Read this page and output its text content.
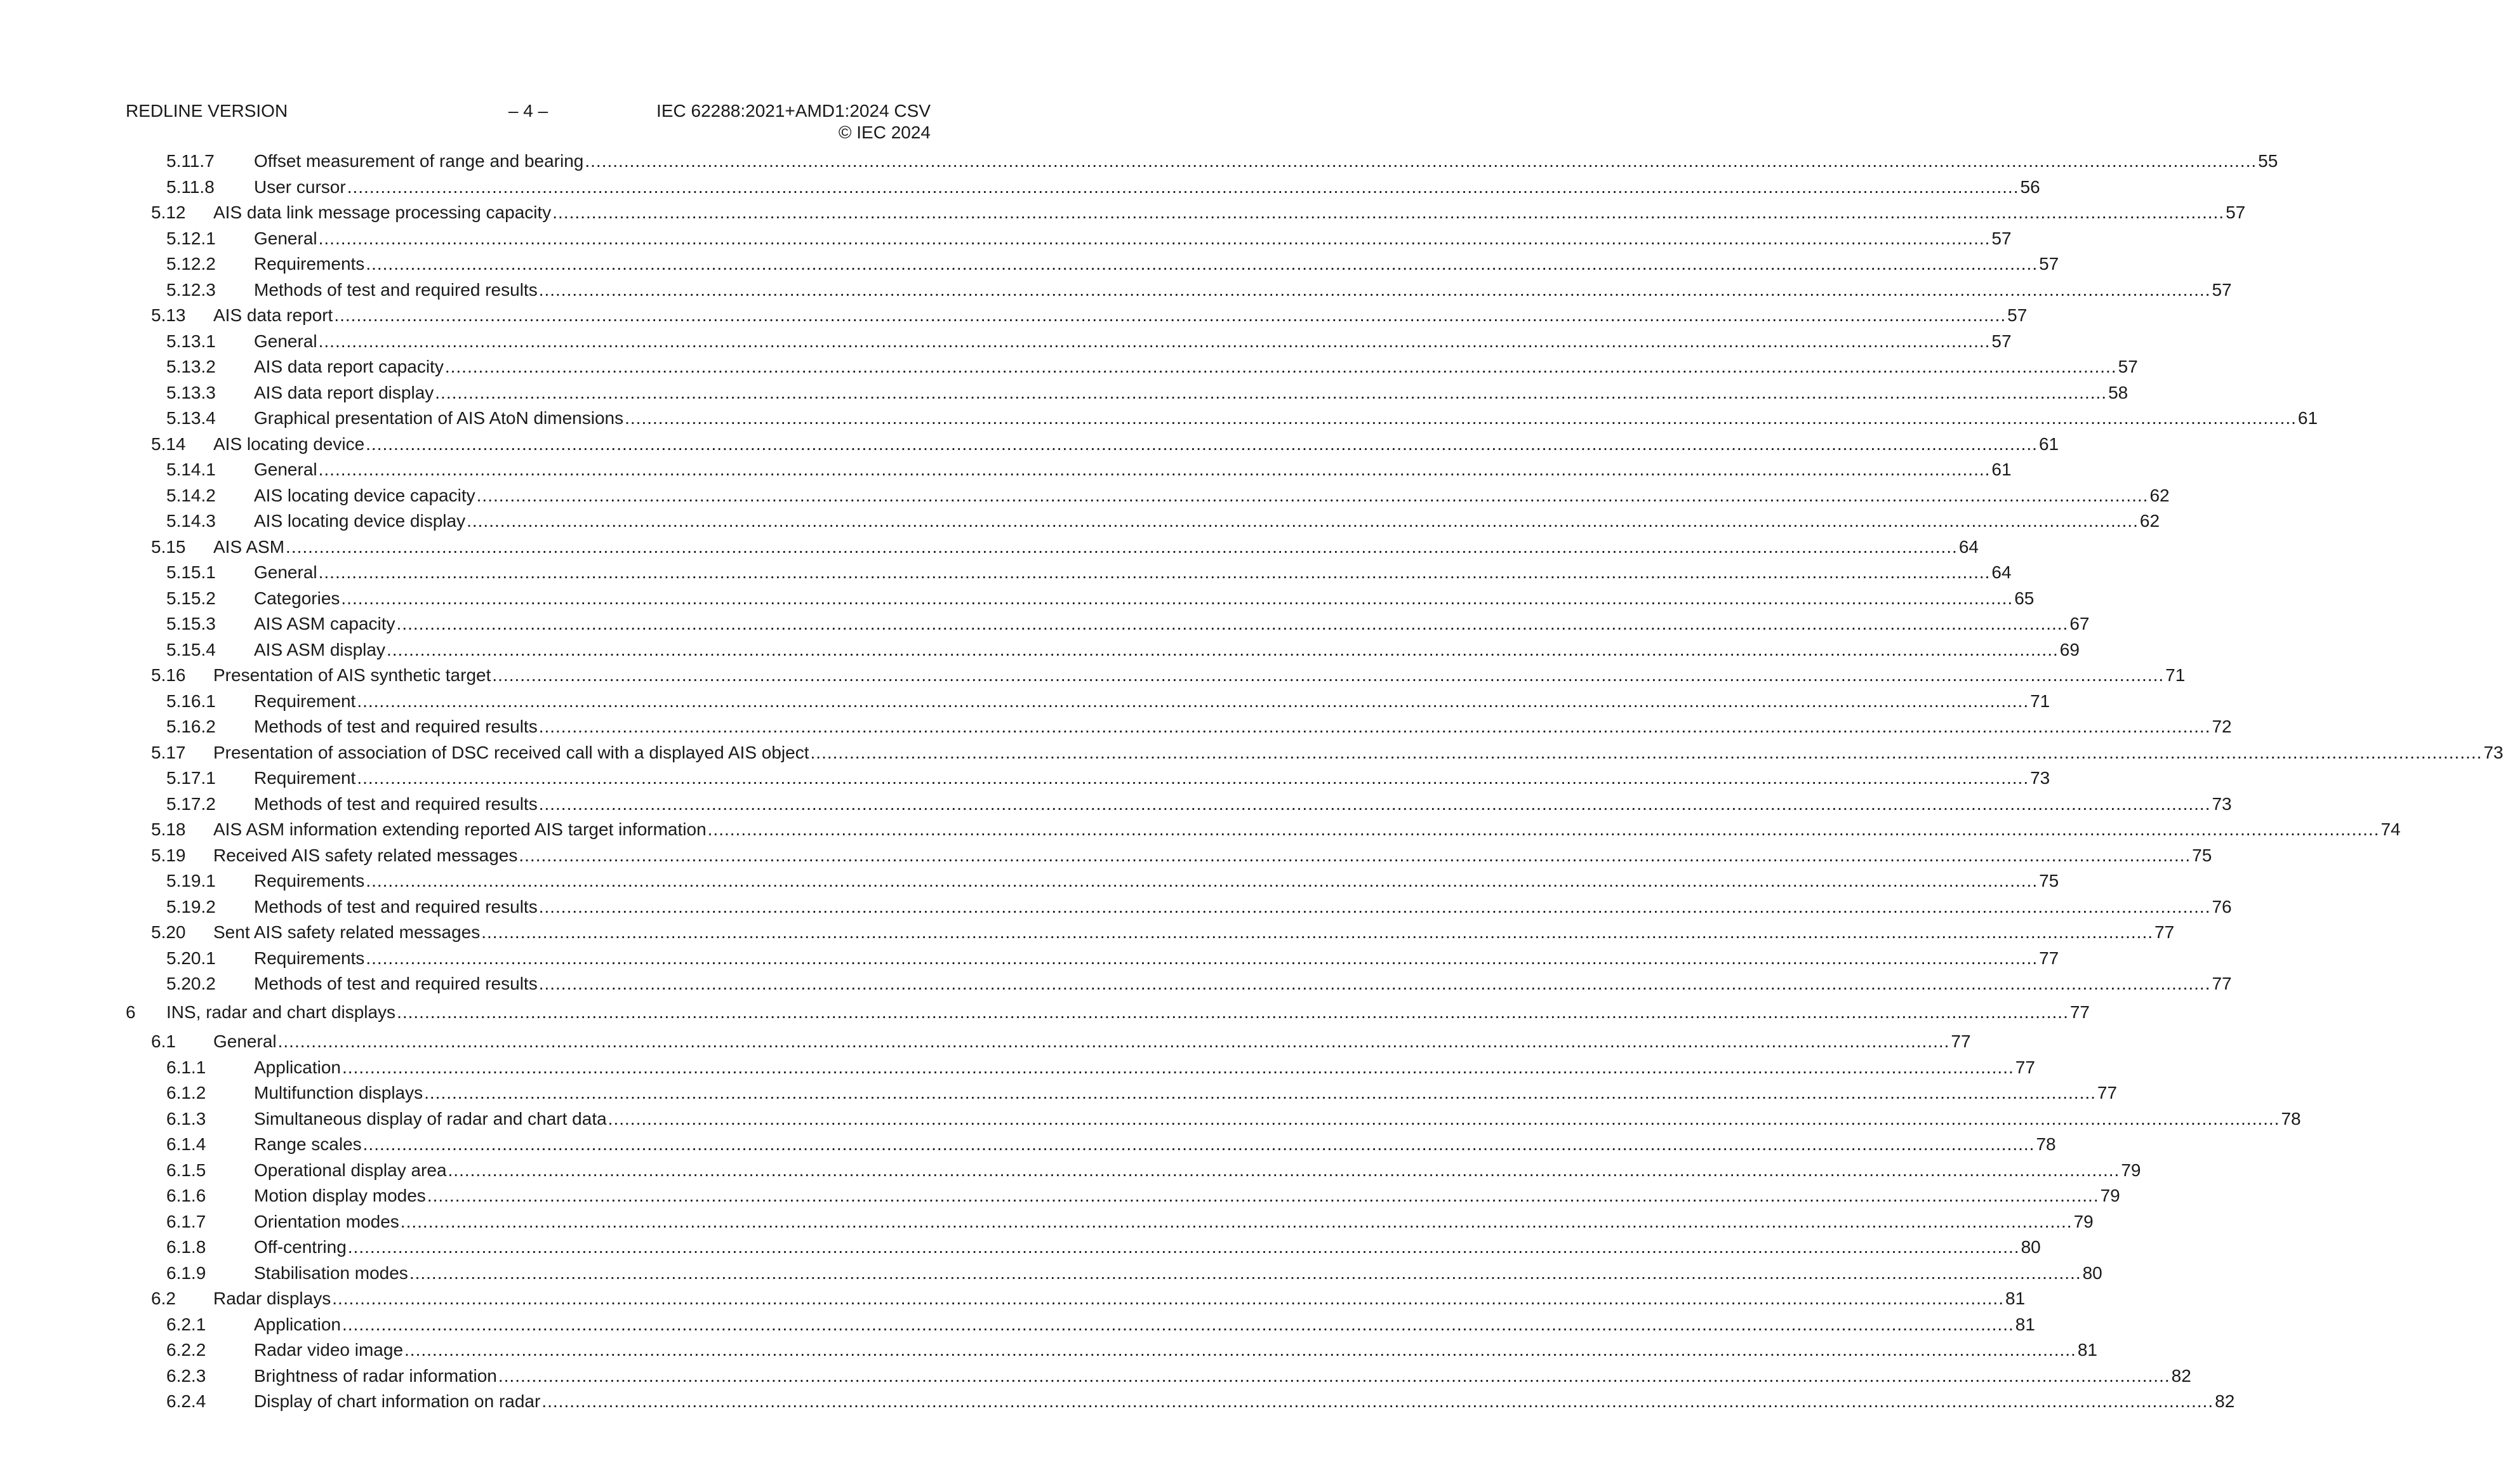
REDLINE VERSION	– 4 –	IEC 62288:2021+AMD1:2024 CSV
© IEC 2024
5.11.7 Offset measurement of range and bearing ............................................................................................................................................................................................................................................................................................................ 55
5.11.8 User cursor ............................................................................................................................................................................................................................................................................................................ 56
5.12 AIS data link message processing capacity ............................................................................................................................................................................................................................................................................................................ 57
5.12.1 General ............................................................................................................................................................................................................................................................................................................ 57
5.12.2 Requirements ............................................................................................................................................................................................................................................................................................................ 57
5.12.3 Methods of test and required results ............................................................................................................................................................................................................................................................................................................ 57
5.13 AIS data report ............................................................................................................................................................................................................................................................................................................ 57
5.13.1 General ............................................................................................................................................................................................................................................................................................................ 57
5.13.2 AIS data report capacity ............................................................................................................................................................................................................................................................................................................ 57
5.13.3 AIS data report display ............................................................................................................................................................................................................................................................................................................ 58
5.13.4 Graphical presentation of AIS AtoN dimensions ............................................................................................................................................................................................................................................................................................................ 61
5.14 AIS locating device ............................................................................................................................................................................................................................................................................................................ 61
5.14.1 General ............................................................................................................................................................................................................................................................................................................ 61
5.14.2 AIS locating device capacity ............................................................................................................................................................................................................................................................................................................ 62
5.14.3 AIS locating device display ............................................................................................................................................................................................................................................................................................................ 62
5.15 AIS ASM ............................................................................................................................................................................................................................................................................................................ 64
5.15.1 General ............................................................................................................................................................................................................................................................................................................ 64
5.15.2 Categories ............................................................................................................................................................................................................................................................................................................ 65
5.15.3 AIS ASM capacity ............................................................................................................................................................................................................................................................................................................ 67
5.15.4 AIS ASM display ............................................................................................................................................................................................................................................................................................................ 69
5.16 Presentation of AIS synthetic target ............................................................................................................................................................................................................................................................................................................ 71
5.16.1 Requirement ............................................................................................................................................................................................................................................................................................................ 71
5.16.2 Methods of test and required results ............................................................................................................................................................................................................................................................................................................ 72
5.17 Presentation of association of DSC received call with a displayed AIS object ............................................................................................................................................................................................................................................................................................................ 73
5.17.1 Requirement ............................................................................................................................................................................................................................................................................................................ 73
5.17.2 Methods of test and required results ............................................................................................................................................................................................................................................................................................................ 73
5.18 AIS ASM information extending reported AIS target information ............................................................................................................................................................................................................................................................................................................ 74
5.19 Received AIS safety related messages ............................................................................................................................................................................................................................................................................................................ 75
5.19.1 Requirements ............................................................................................................................................................................................................................................................................................................ 75
5.19.2 Methods of test and required results ............................................................................................................................................................................................................................................................................................................ 76
5.20 Sent AIS safety related messages ............................................................................................................................................................................................................................................................................................................ 77
5.20.1 Requirements ............................................................................................................................................................................................................................................................................................................ 77
5.20.2 Methods of test and required results ............................................................................................................................................................................................................................................................................................................ 77
6 INS, radar and chart displays ............................................................................................................................................................................................................................................................................................................ 77
6.1 General ............................................................................................................................................................................................................................................................................................................ 77
6.1.1	Application ............................................................................................................................................................................................................................................................................................................ 77
6.1.2	Multifunction displays ............................................................................................................................................................................................................................................................................................................ 77
6.1.3	Simultaneous display of radar and chart data ............................................................................................................................................................................................................................................................................................................ 78
6.1.4	Range scales ............................................................................................................................................................................................................................................................................................................ 78
6.1.5	Operational display area ............................................................................................................................................................................................................................................................................................................ 79
6.1.6	Motion display modes ............................................................................................................................................................................................................................................................................................................ 79
6.1.7	Orientation modes ............................................................................................................................................................................................................................................................................................................ 79
6.1.8	Off-centring ............................................................................................................................................................................................................................................................................................................ 80
6.1.9	Stabilisation modes ............................................................................................................................................................................................................................................................................................................ 80
6.2 Radar displays ............................................................................................................................................................................................................................................................................................................ 81
6.2.1	Application ............................................................................................................................................................................................................................................................................................................ 81
6.2.2	Radar video image ............................................................................................................................................................................................................................................................................................................ 81
6.2.3	Brightness of radar information ............................................................................................................................................................................................................................................................................................................ 82
6.2.4	Display of chart information on radar ............................................................................................................................................................................................................................................................................................................ 82
